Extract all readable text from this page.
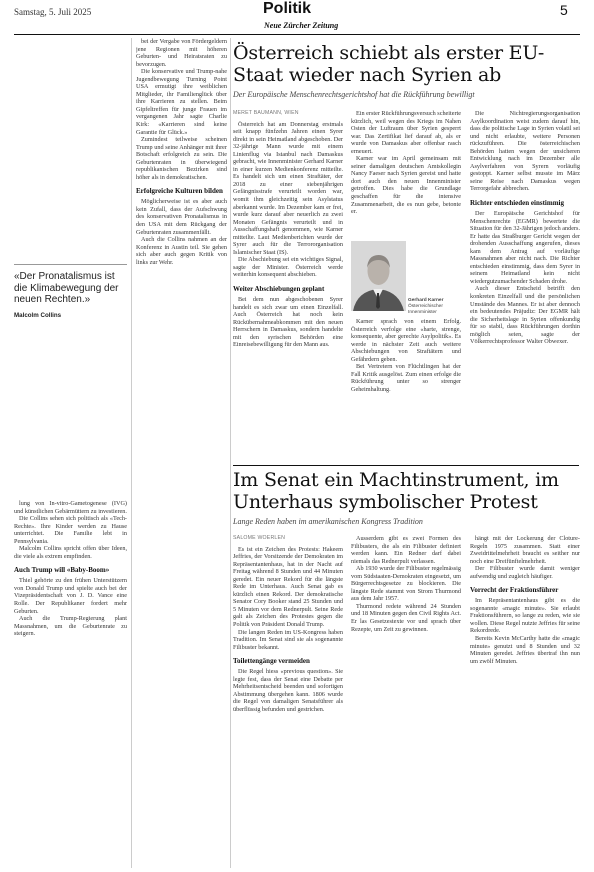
Samstag, 5. Juli 2025	Politik
Neue Zürcher Zeitung
5

lung von In-vitro-Gametogenese (IVG) und künstlichen Gebärmüttern zu investieren.

Die Collins sehen sich politisch als «Tech-Rechte». Ihre Kinder werden zu Hause unterrichtet. Die Familie lebt in Pennsylvania.

Malcolm Collins spricht offen über Ideen, die viele als extrem empfinden.

Auch Trump will «Baby-Boom»

Thiel gehörte zu den frühen Unterstützern von Donald Trump und spielte auch bei der Vizepräsidentschaft von J. D. Vance eine Rolle. Der Republikaner fordert mehr Geburten.

Auch die Trump-Regierung plant Massnahmen, um die Geburtenrate zu steigern.

«Der Pronatalismus ist die Klimabewegung der neuen Rechten.»
Malcolm Collins

bei der Vergabe von Fördergeldern jene Regionen mit höheren Geburten- und Heiratsraten zu bevorzugen.

Die konservative und Trump-nahe Jugendbewegung Turning Point USA ermutigt ihre weiblichen Mitglieder, ihr Familienglück über ihre Karrieren zu stellen. Beim Gipfeltreffen für junge Frauen im vergangenen Jahr sagte Charlie Kirk: «Karrieren sind keine Garantie für Glück.»

Zumindest teilweise scheinen Trump und seine Anhänger mit ihrer Botschaft erfolgreich zu sein. Die Geburtenraten in überwiegend republikanischen Bezirken sind höher als in demokratischen.

Erfolgreiche Kulturen bilden

Möglicherweise ist es aber auch kein Zufall, dass der Aufschwung des konservativen Pronatalismus in den USA mit dem Rückgang der Geburtenraten zusammenfällt.

Auch die Collins nahmen an der Konferenz in Austin teil. Sie gehen sich aber auch gegen Kritik von links zur Wehr.

Österreich schiebt als erster EU-Staat wieder nach Syrien ab
Der Europäische Menschenrechtsgerichtshof hat die Rückführung bewilligt
MERET BAUMANN, WIEN

Österreich hat am Donnerstag erstmals seit knapp fünfzehn Jahren einen Syrer direkt in sein Heimatland abgeschoben. Der 32-jährige Mann wurde mit einem Linienflug via Istanbul nach Damaskus gebracht, wie Innenminister Gerhard Karner in einer kurzen Medienkonferenz mitteilte. Es handelt sich um einen Straftäter, der 2018 zu einer siebenjährigen Gefängnisstrafe verurteilt worden war, womit ihm gleichzeitig sein Asylstatus aberkannt wurde. Im Dezember kam er frei, wurde kurz darauf aber neuerlich zu zwei Monaten Gefängnis verurteilt und in Ausschaffungshaft genommen, wie Karner mitteilte. Laut Medienberichten wurde der Syrer auch für die Terrororganisation Islamischer Staat (IS).

Die Abschiebung sei ein wichtiges Signal, sagte der Minister. Österreich werde weiterhin konsequent abschieben.

Weiter Abschiebungen geplant

Bei dem nun abgeschobenen Syrer handelt es sich zwar um einen Einzelfall. Auch Österreich hat noch kein Rückübernahmeabkommen mit den neuen Herrschern in Damaskus, sondern handelte mit den syrischen Behörden eine Einreisebewilligung für den Mann aus.

Ein erster Rückführungsversuch scheiterte kürzlich, weil wegen des Kriegs im Nahen Osten der Luftraum über Syrien gesperrt war. Das Zertifikat lief darauf ab, als er wurde von Damaskus aber offenbar rasch erneuert.

Karner war im April gemeinsam mit seiner damaligen deutschen Amtskollegin Nancy Faeser nach Syrien gereist und hatte dort auch den neuen Innenminister getroffen. Dies habe die Grundlage geschaffen für die intensive Zusammenarbeit, die es nun gebe, betonte er.

Gerhard Karner
Österreichischer Innenminister

Karner sprach von einem Erfolg. Österreich verfolge eine «harte, strenge, konsequente, aber gerechte Asylpolitik». Es werde in nächster Zeit auch weitere Abschiebungen von Straftätern und Gefährdern geben.

Bei Vertretern von Flüchtlingen hat der Fall Kritik ausgelöst. Zum einen erfolge die Rückführung unter so strenger Geheimhaltung.

Die Nichtregierungsorganisation Asylkoordination weist zudem darauf hin, dass die politische Lage in Syrien volatil sei und nicht erlaubte, weitere Personen rückzuführen. Die österreichischen Behörden hatten wegen der unsicheren Entwicklung nach im Dezember alle Asylverfahren von Syrern vorläufig gestoppt. Karner selbst musste im März seine Reise nach Damaskus wegen Terrorgefahr abbrechen.

Richter entschieden einstimmig

Der Europäische Gerichtshof für Menschenrechte (EGMR) bewertete die Situation für den 32-Jährigen jedoch anders. Er hatte das Straßburger Gericht wegen der drohenden Ausschaffung angerufen, dieses kam dem Antrag auf vorläufige Massnahmen aber nicht nach. Die Richter entschieden einstimmig, dass dem Syrer in seinem Heimatland kein nicht wiedergutzumachender Schaden drohe.

Auch dieser Entscheid betrifft den konkreten Einzelfall und die persönlichen Umstände des Mannes. Er ist aber dennoch ein bedeutendes Präjudiz: Der EGMR hält die Sicherheitslage in Syrien offenkundig für so stabil, dass Rückführungen dorthin möglich seien, sagte der Völkerrechtsprofessor Walter Obwexer.

Im Senat ein Machtinstrument, im Unterhaus symbolischer Protest
Lange Reden haben im amerikanischen Kongress Tradition
SALOME WOERLEN

Es ist ein Zeichen des Protests: Hakeem Jeffries, der Vorsitzende der Demokraten im Repräsentantenhaus, hat in der Nacht auf Freitag während 8 Stunden und 44 Minuten geredet. Ein neuer Rekord für die längste Rede im Unterhaus. Auch Senat gab es kürzlich einen Rekord. Der demokratische Senator Cory Booker stand 25 Stunden und 5 Minuten vor dem Rednerpult. Seine Rede galt als Zeichen des Protestes gegen die Politik von Präsident Donald Trump.

Die langen Reden im US-Kongress haben Tradition. Im Senat sind sie als sogenannte Filibuster bekannt.

Toilettengänge vermeiden

Die Regel hiess «previous question». Sie legte fest, dass der Senat eine Debatte per Mehrheitsentscheid beenden und sofortigen Abstimmung übergehen kann. 1806 wurde die Regel von damaligen Senatsführer als überflüssig befunden und gestrichen.

Ausserdem gibt es zwei Formen des Filibusters, die als ein Filibuster definiert werden kann. Ein Redner darf dabei niemals das Rednerpult verlassen.

Ab 1930 wurde der Filibuster regelmässig vom Südstaaten-Demokraten eingesetzt, um Bürgerrechtsgesetze zu blockieren. Die längste Rede stammt von Strom Thurmond aus dem Jahr 1957.

Thurmond redete während 24 Stunden und 18 Minuten gegen den Civil Rights Act. Er las Gesetzestexte vor und sprach über Rezepte, um Zeit zu gewinnen.

hängt mit der Lockerung der Cloture-Regeln 1975 zusammen. Statt einer Zweidrittelmehrheit braucht es seither nur noch eine Dreifünftelmehrheit.

Der Filibuster wurde damit weniger aufwendig und zugleich häufiger.

Vorrecht der Fraktionsführer

Im Repräsentantenhaus gibt es die sogenannte «magic minute». Sie erlaubt Fraktionsführern, so lange zu reden, wie sie wollen. Diese Regel nutzte Jeffries für seine Rekordrede.

Bereits Kevin McCarthy hatte die «magic minute» genutzt und 8 Stunden und 32 Minuten geredet. Jeffries übertraf ihn nun um zwölf Minuten.
